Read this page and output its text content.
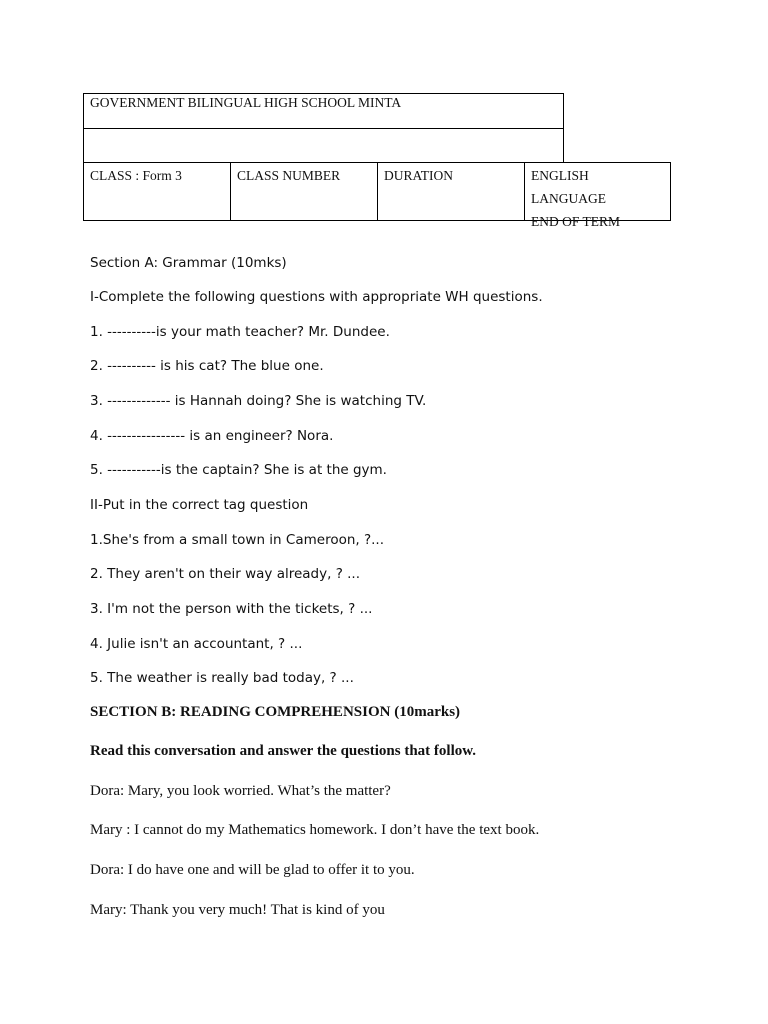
GOVERNMENT BILINGUAL HIGH SCHOOL MINTA
CLASS : Form 3	CLASS NUMBER	DURATION	ENGLISH LANGUAGE
END OF TERM
Section A: Grammar (10mks)
I-Complete the following questions with appropriate WH questions.
1. ----------is your math teacher? Mr. Dundee.
2. ---------- is his cat? The blue one.
3. ------------- is Hannah doing? She is watching TV.
4. ---------------- is an engineer? Nora.
5. -----------is the captain? She is at the gym.
II-Put in the correct tag question
1.She's from a small town in Cameroon, ?...
2. They aren't on their way already, ? ...
3. I'm not the person with the tickets, ? ...
4. Julie isn't an accountant, ? ...
5. The weather is really bad today, ? ...
SECTION B: READING COMPREHENSION (10marks)
Read this conversation and answer the questions that follow.
Dora: Mary, you look worried. What’s the matter?
Mary : I cannot do my Mathematics homework. I don’t have the text book.
Dora: I do have one and will be glad to offer it to you.
Mary: Thank you very much! That is kind of you
